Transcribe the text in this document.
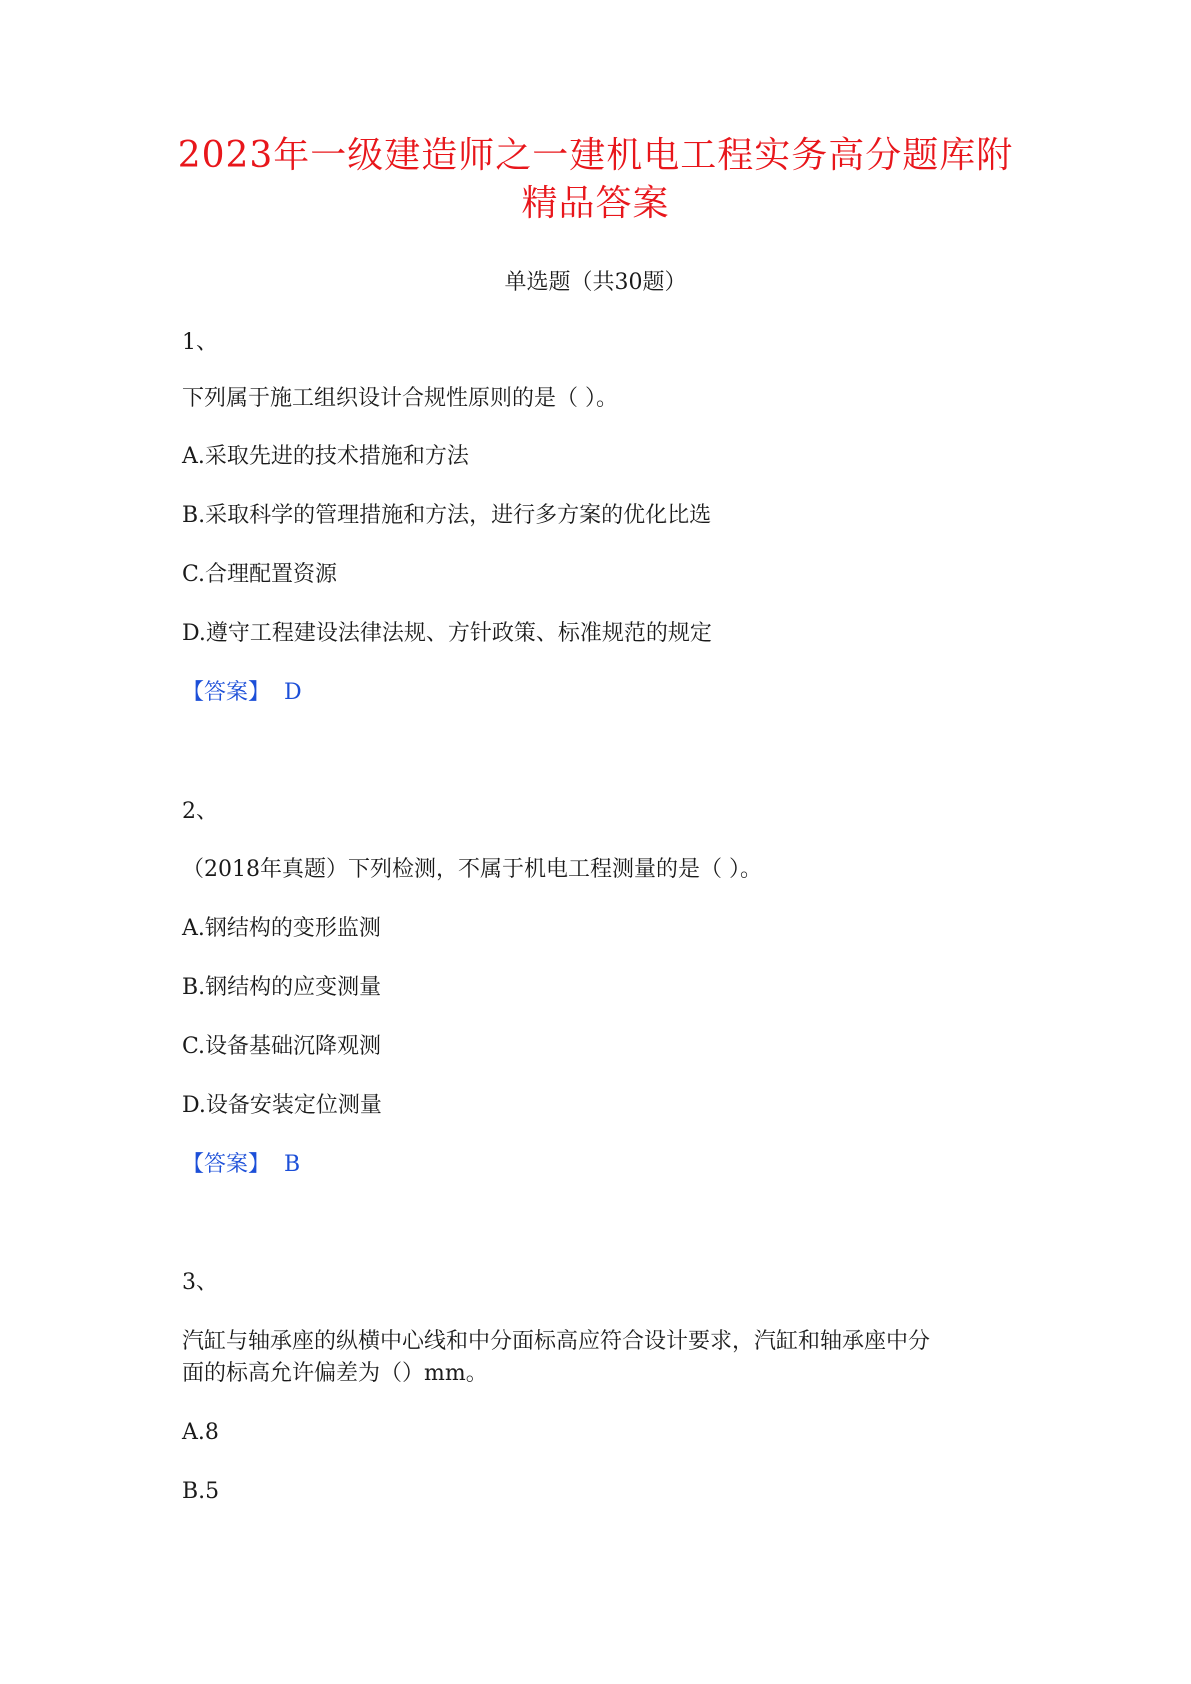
2023年一级建造师之一建机电工程实务高分题库附
精品答案
单选题（共30题）
1、
下列属于施工组织设计合规性原则的是（ ）。
A.采取先进的技术措施和方法
B.采取科学的管理措施和方法，进行多方案的优化比选
C.合理配置资源
D.遵守工程建设法律法规、方针政策、标准规范的规定
【答案】 D
2、
（2018年真题）下列检测，不属于机电工程测量的是（ ）。
A.钢结构的变形监测
B.钢结构的应变测量
C.设备基础沉降观测
D.设备安装定位测量
【答案】 B
3、
汽缸与轴承座的纵横中心线和中分面标高应符合设计要求，汽缸和轴承座中分
面的标高允许偏差为（）mm。
A.8
B.5
